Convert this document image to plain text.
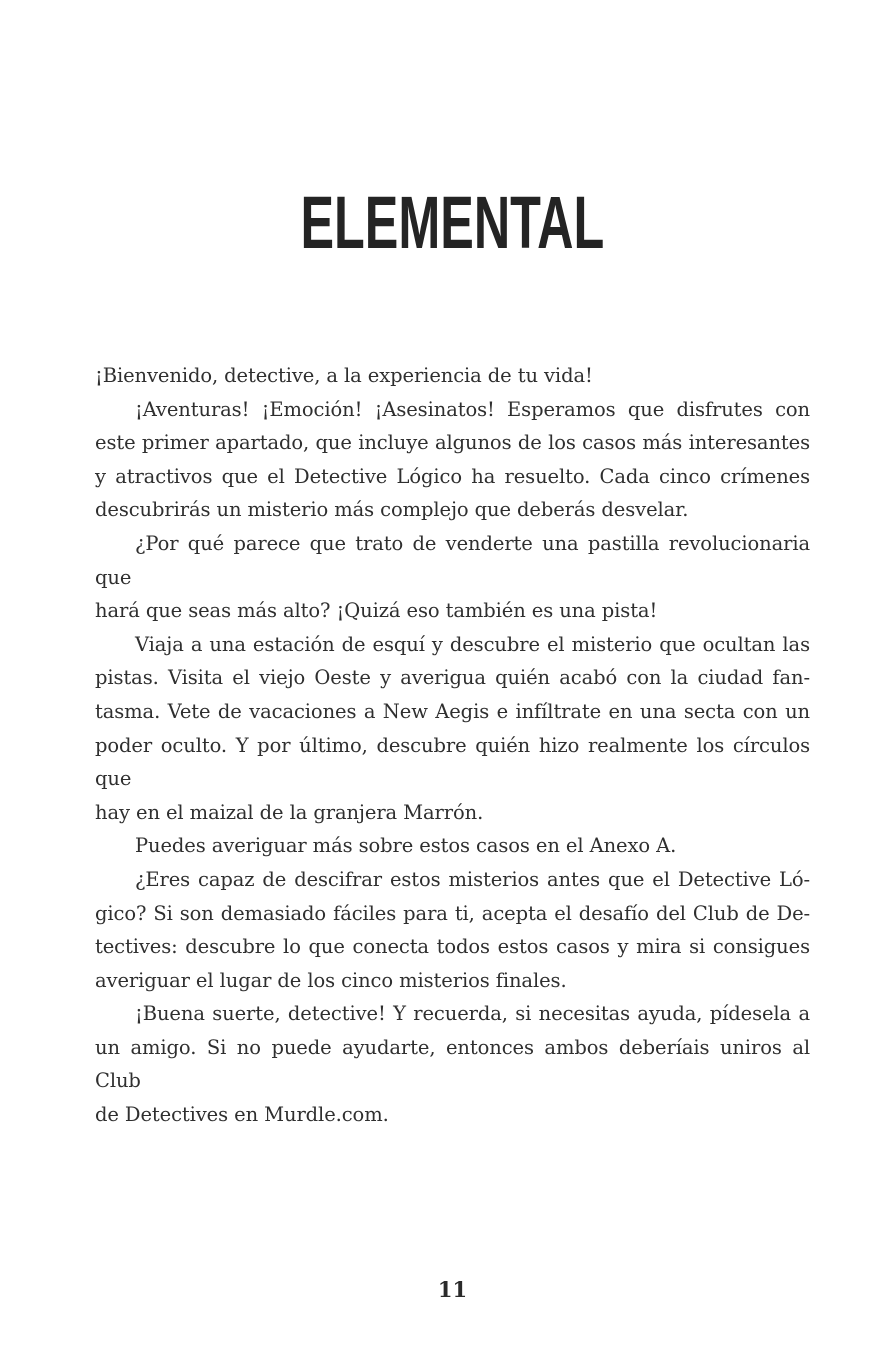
ELEMENTAL
¡Bienvenido, detective, a la experiencia de tu vida!
¡Aventuras! ¡Emoción! ¡Asesinatos! Esperamos que disfrutes con
este primer apartado, que incluye algunos de los casos más interesantes
y atractivos que el Detective Lógico ha resuelto. Cada cinco crímenes
descubrirás un misterio más complejo que deberás desvelar.
¿Por qué parece que trato de venderte una pastilla revolucionaria que
hará que seas más alto? ¡Quizá eso también es una pista!
Viaja a una estación de esquí y descubre el misterio que ocultan las
pistas. Visita el viejo Oeste y averigua quién acabó con la ciudad fan-
tasma. Vete de vacaciones a New Aegis e infíltrate en una secta con un
poder oculto. Y por último, descubre quién hizo realmente los círculos que
hay en el maizal de la granjera Marrón.
Puedes averiguar más sobre estos casos en el Anexo A.
¿Eres capaz de descifrar estos misterios antes que el Detective Ló-
gico? Si son demasiado fáciles para ti, acepta el desafío del Club de De-
tectives: descubre lo que conecta todos estos casos y mira si consigues
averiguar el lugar de los cinco misterios finales.
¡Buena suerte, detective! Y recuerda, si necesitas ayuda, pídesela a
un amigo. Si no puede ayudarte, entonces ambos deberíais uniros al Club
de Detectives en Murdle.com.
11
